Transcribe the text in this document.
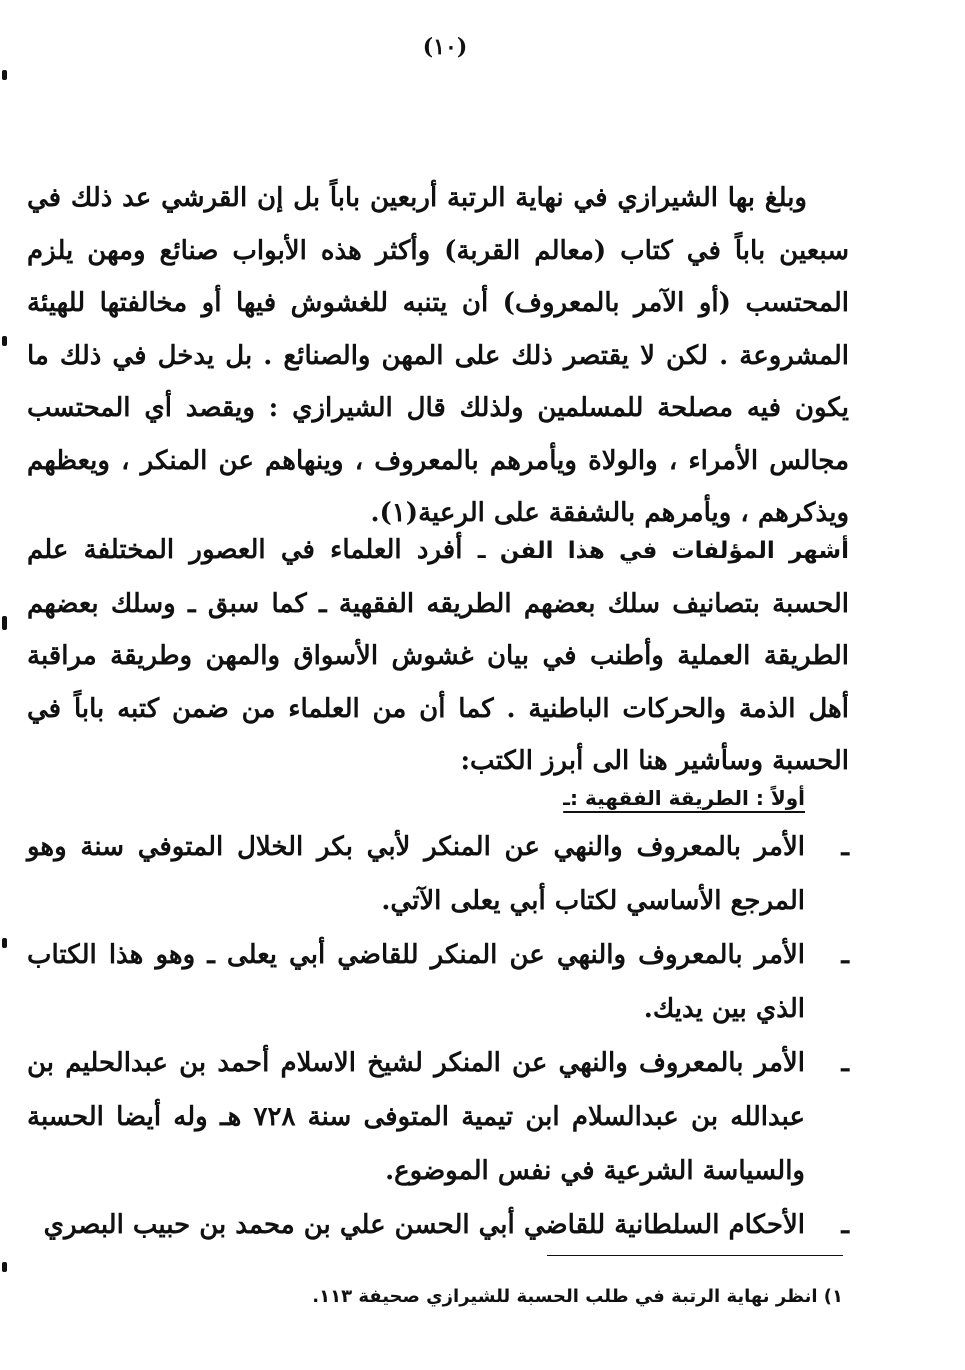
(١٠)
وبلغ بها الشيرازي في نهاية الرتبة أربعين باباً بل إن القرشي عد ذلك في سبعين باباً في كتاب (معالم القربة) وأكثر هذه الأبواب صنائع ومهن يلزم المحتسب (أو الآمر بالمعروف) أن يتنبه للغشوش فيها أو مخالفتها للهيئة المشروعة . لكن لا يقتصر ذلك على المهن والصنائع . بل يدخل في ذلك ما يكون فيه مصلحة للمسلمين ولذلك قال الشيرازي : ويقصد أي المحتسب مجالس الأمراء ، والولاة ويأمرهم بالمعروف ، وينهاهم عن المنكر ، ويعظهم ويذكرهم ، ويأمرهم بالشفقة على الرعية(١).
أشهر المؤلفات في هذا الفن ـ أفرد العلماء في العصور المختلفة علم الحسبة بتصانيف سلك بعضهم الطريقه الفقهية ـ كما سبق ـ وسلك بعضهم الطريقة العملية وأطنب في بيان غشوش الأسواق والمهن وطريقة مراقبة أهل الذمة والحركات الباطنية . كما أن من العلماء من ضمن كتبه باباً في الحسبة وسأشير هنا الى أبرز الكتب:
أولاً : الطريقة الفقهية :ـ
ـ
الأمر بالمعروف والنهي عن المنكر لأبي بكر الخلال المتوفي سنة وهو المرجع الأساسي لكتاب أبي يعلى الآتي.
ـ
الأمر بالمعروف والنهي عن المنكر للقاضي أبي يعلى ـ وهو هذا الكتاب الذي بين يديك.
ـ
الأمر بالمعروف والنهي عن المنكر لشيخ الاسلام أحمد بن عبدالحليم بن عبدالله بن عبدالسلام ابن تيمية المتوفى سنة ٧٢٨ هـ وله أيضا الحسبة والسياسة الشرعية في نفس الموضوع.
ـ
الأحكام السلطانية للقاضي أبي الحسن علي بن محمد بن حبيب البصري
١) انظر نهاية الرتبة في طلب الحسبة للشيرازي صحيفة ١١٣.
